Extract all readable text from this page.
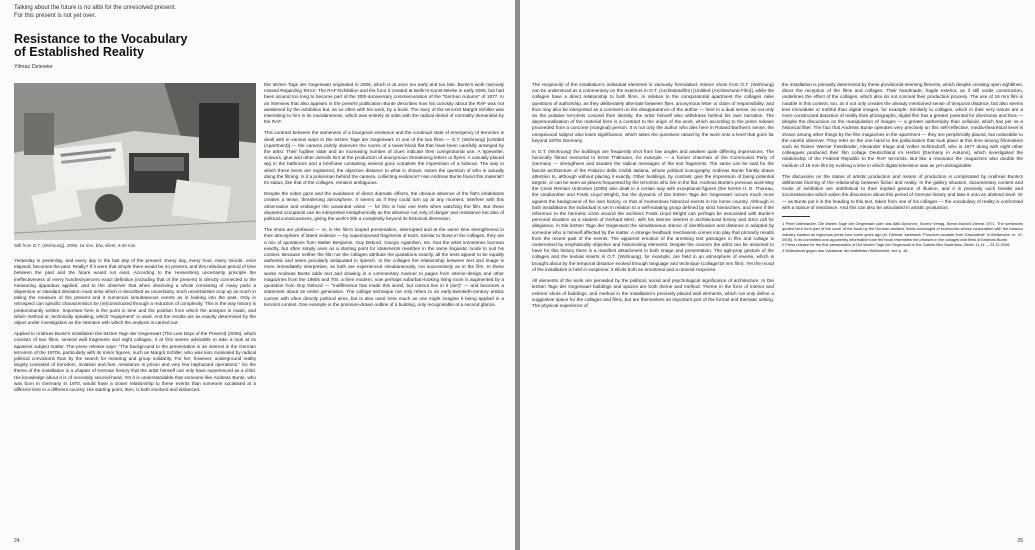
Talking about the future is no alibi for the unresolved present.
For this present is not yet over.
Resistance to the Vocabulary
of Established Reality
Yilmaz Dziewior
Still from O.T. (Wohnung), 2006, 16 mm, b/w, silent, 6:40 min.

Yesterday is yesterday, and every day is the last day of the present. Every day, every hour, every minute, once elapsed, becomes the past. Really? If it were that simple there would be no present, and this nebulous period of time between the past and the future would not exist. According to the Heisenberg uncertainty principle the ineffectiveness of every hundred-percent exact definition (including that of the present) is directly connected to the measuring apparatus applied, and to the observer that when observing a whole consisting of many parts a dispersion or standard deviation must arise which is described as uncertainty. Such uncertainties crop up as much in taking the measure of the present and it numerous simultaneous events as in looking into the past. Only in retrospect can specific characteristics be (re)constructed through a reduction of complexity. This is the way history is predominantly written. Important here is the point in time and the position from which the analysis is made, and which method or, technically speaking, which "equipment" is used. And the results are as exactly determined by the object under investigation as the intention with which the analysis is carried out.

Applied to Andreas Bunte's installation Die letzten Tage der Gegenwart (The Last Days of the Present) (2006), which consists of two films, several wall fragments and eight collages, it at first seems advisable to take a look at its apparent subject matter. The press release says: "The background to the presentation is an interest in the German terrorism of the 1970s, particularly with its minor figures, such as Margrit Schiller, who was less motivated by radical political convictions than by the search for meaning and group solidarity. For her, however, underground reality largely consisted of boredom, isolation and fear, resistance in prison and very few haphazard operations." So the theme of the installation is a chapter of German history that the artist himself can only have experienced as a child. His knowledge about it is of necessity second-hand. Yet it is understandable that someone like Andreas Bunte, who was born in Germany in 1970, would have a closer relationship to these events than someone socialised at a different time in a different country. His starting point, then, is both involved and distanced.

Die letzten Tage der Gegenwart originated in 2006, which is at once too early and too late. Bunte's work narrowly missed Regarding Terror: The RAF-Exhibition and the furor it created at Berlin's Kunst-Werke in early 2005, but had been around too long to become part of the 30th-anniversary commemoration of the "German Autumn" of 1977. In an interview that also appears in the present publication Bunte describes how his curiosity about the RAF was not awakened by the exhibition but, as so often with his work, by a book. The story of the terrorist Margrit Schiller was interesting to him in its mundaneness, which was entirely at odds with the radical denial of normality demanded by the RAF.

This contrast between the sameness of a bourgeois existence and the continual state of emergency of terrorism is dealt with in various ways in Die letzten Tage der Gegenwart. In one of the two films — O.T. (Wohnung) [Untitled (Apartment)] — the camera calmly observes the rooms of a tower-block flat that have been carefully arranged by the artist. Their fugitive state and an increasing number of clues indicate their conspiratorial use. A typewriter, scissors, glue and other utensils hint at the production of anonymous threatening letters or flyers. A casually placed wig in the bathroom and a briefcase containing several guns complete the impression of a hideout. The way in which these items are registered, the objective distance to what is shown, raises the question of who is actually doing the filming. Is it a policeman behind the camera, collecting evidence? Has Andreas Bunte found this material? Its status, like that of the collages, remains ambiguous.

Despite the sober gaze and the avoidance of direct dramatic effects, the obvious absence of the flat's inhabitants creates a tense, threatening atmosphere. It seems as if they could turn up at any moment, interfere with this observation and endanger the unwanted visitor — for this is how one feels when watching the film. But these departed occupants can be interpreted metaphorically as the absence not only of danger and resistance but also of political consciousness, giving the work's title a complexity beyond its historical dimension.

The shots are prefaced — or, in the film's looped presentation, interrupted and at the same time strengthened in their atmosphere of latent violence — by superimposed fragments of texts. Similar to those in the collages, they are a mix of quotations from Walter Benjamin, Guy Debord, Giorgio Agamben, etc. that the artist sometimes borrows exactly, but often simply uses as a starting point for statements rewritten in the same linguistic mode to suit his context. Because neither the film nor the collages attribute the quotations exactly, all the texts appear to be equally authentic and seem peculiarly antiquated in speech. In the collages the relationship between text and image is more immediately interpretive, as both are experienced simultaneously, not successively as in the film. In these works Andreas Bunte adds text and drawing in a commentary manner to pages from interior-design and other magazines from the 1960s and 70s: a then modern, now perhaps suburban-looking living room is augmented by a quotation from Guy Debord — "Indifference has made this world, but cannot live in it (sic!)" — and becomes a statement about an entire generation. The collage technique not only refers to an early-twentieth-century artistic current with often directly political aims, but is also used here much as one might imagine it being applied in a terrorist context. One example is the pressure-drawn outline of a building, only recognisable at a second glance.

24

The reciprocity of the installation's individual elements is variously formulated; interior shots from O.T. (Wohnung) can be understood as a commentary on the exteriors in O.T. (Architekturfilm) [Untitled (Architectural Film)], while the collages have a direct relationship to both films. In relation to the conspiratorial apartment the collages raise questions of authorship, as they deliberately alternate between flyer, anonymous letter or claim of responsibility, and thus may also be interpreted as a comment on the disappearance of the author — here in a dual sense, as not only do the putative terrorists conceal their identity, the artist himself also withdraws behind his own narration. The depersonalisation of the material here is a contrast to the origin of the work, which according to the press release proceeded from a concrete (marginal) person. It is not only the author who dies here in Roland Barthes's sense; the unequivocal subject also loses significance, which takes the questions raised by the work onto a level that goes far beyond 1970s Germany.

In O.T. (Wohnung) the buildings are frequently shot from low angles and awaken quite differing impressions. The heroically filmed memorial to Ernst Thälmann, for example — a former chairman of the Communist Party of Germany — strengthens and situates the radical messages of the text fragments. The same can be said for the fascist architecture of the Palazzo della Civiltà Italiana, whose political iconography Andreas Bunte frankly draws attention to, although without placing it exactly. Other buildings, by contrast, give the impression of being potential targets, or can be seen as places frequented by the terrorists who live in the flat. Andreas Bunte's previous work May the Circle Remain Unbroken (2005) also dealt in a certain way with exceptional figures (the hermit H. D. Thoreau, the Unabomber and Frank Lloyd Wright), but the dynamic of Die letzten Tage der Gegenwart occurs much more against the background of his own history, or that of momentous historical events in his home country. Although in both installations the individual is set in relation to a self-isolating group defined by strict hierarchies, and even if the reference to the hermetic circle around the architect Frank Lloyd Wright can perhaps be associated with Bunte's personal situation as a student of Gerhard Merz, with his intense interest in architectural history and strict call for allegiance, in Die letzten Tage der Gegenwart the simultaneous stance of identification and distance is adopted by someone who is himself affected by the matter. A strange feedback mechanism comes into play that primarily results from the recent past of the events. The apparent emotion of the arresting text passages in film and collage is undermined by emphatically objective and historicising elements. Despite the concern the artist can be assumed to have for this history there is a manifest detachment in both image and presentation. The agit-prop gesture of the collages and the textual inserts in O.T. (Wohnung), for example, are held in an atmosphere of reverie, which is brought about by the temporal distance evoked through language and technique (collage/16 mm film). Yet the mood of the installation is held in suspense; it elicits both an emotional and a rational response.

All elements of the work are pervaded by the political, social and psychological significance of architecture. In Die letzten Tage der Gegenwart buildings and spaces are both theme and method. Theme in the form of interior and exterior shots of buildings, and method in the installation's precisely placed wall elements, which not only define a suggestive space for the collages and films, but are themselves an important part of the formal and thematic setting. The physical experience of

the installation is primarily determined by these provisional-seeming fitments, which despite creating open sightlines, direct the reception of the films and collages. Their handmade, fragile exterior, as if still under construction, underlines the effect of the collages, which also do not conceal their production process. The use of 16 mm film is notable in this context, too, as it not only creates the already mentioned sense of temporal distance, but also seems less immediate or truthful than digital images, for example. Similarly to collages, which in their very nature are a more constructed depiction of reality than photographs, digital film has a greater potential for directness and thus — despite the discussion on the manipulation of images — a greater authenticity than celluloid, which has per se a historical filter. The fact that Andreas Bunte operates very precisely on this self-reflective, media-theoretical level is shown among other things by the film magazines in the apartment — they are peripherally placed, but noticeable to the careful observer. They refer on the one hand to the politicisation that took place at this time among filmmakers such as Rainer Werner Fassbinder, Alexander Kluge and Volker Schlöndorff, who in 1977 along with eight other colleagues produced their film collage Deutschland im Herbst [Germany in Autumn], which investigated the relationship of the Federal Republic to the RAF terrorists. But like a resonator the magazines also double the medium of 16 mm film by evoking a time in which digital television was as yet unimaginable.

The discussion on the status of artistic production and means of production is complicated by Andreas Bunte's deliberate blurring of the relationship between fiction and reality. In the gallery situation, documentary content and mode of exhibition are antithetical to their implied gesture of illusion, and it is precisely such breaks and inconsistencies which widen the discussion about this period of German history and take it onto an abstract level. Or — as Bunte put it in the heading to this text, taken from one of his collages — the vocabulary of reality is confronted with a stance of resistance. And this can also be articulated in artistic production.

1 Peter Altenlander, Die letzten Tage der Gegenwart oder das Alibi-Syndrom, Scherz Verlag, Berne-Munich-Vienna 1971. The sentences quoted here form part of the cover of the book by the German-resident Swiss sociologist of economics whose cooperation with the tobacco industry created an inglorious press furor some years ago (cf. Dietmar Jazbinsek "Forschen schadet Ihrer Gesundheit" in Weltwoche, nr. 47, 2005). In its committed and apparently informative tone the book resembles the phrases in the collages and films of Andreas Bunte.
2 Press release for the first presentation of Die letzten Tage der Gegenwart in the Galerie Ben Kaufmann, Berlin 11.11. – 23.12.2006.
3 Widerstand gegen das Vokabular der etablierten Wirklichkeit, see p. 44.
25
